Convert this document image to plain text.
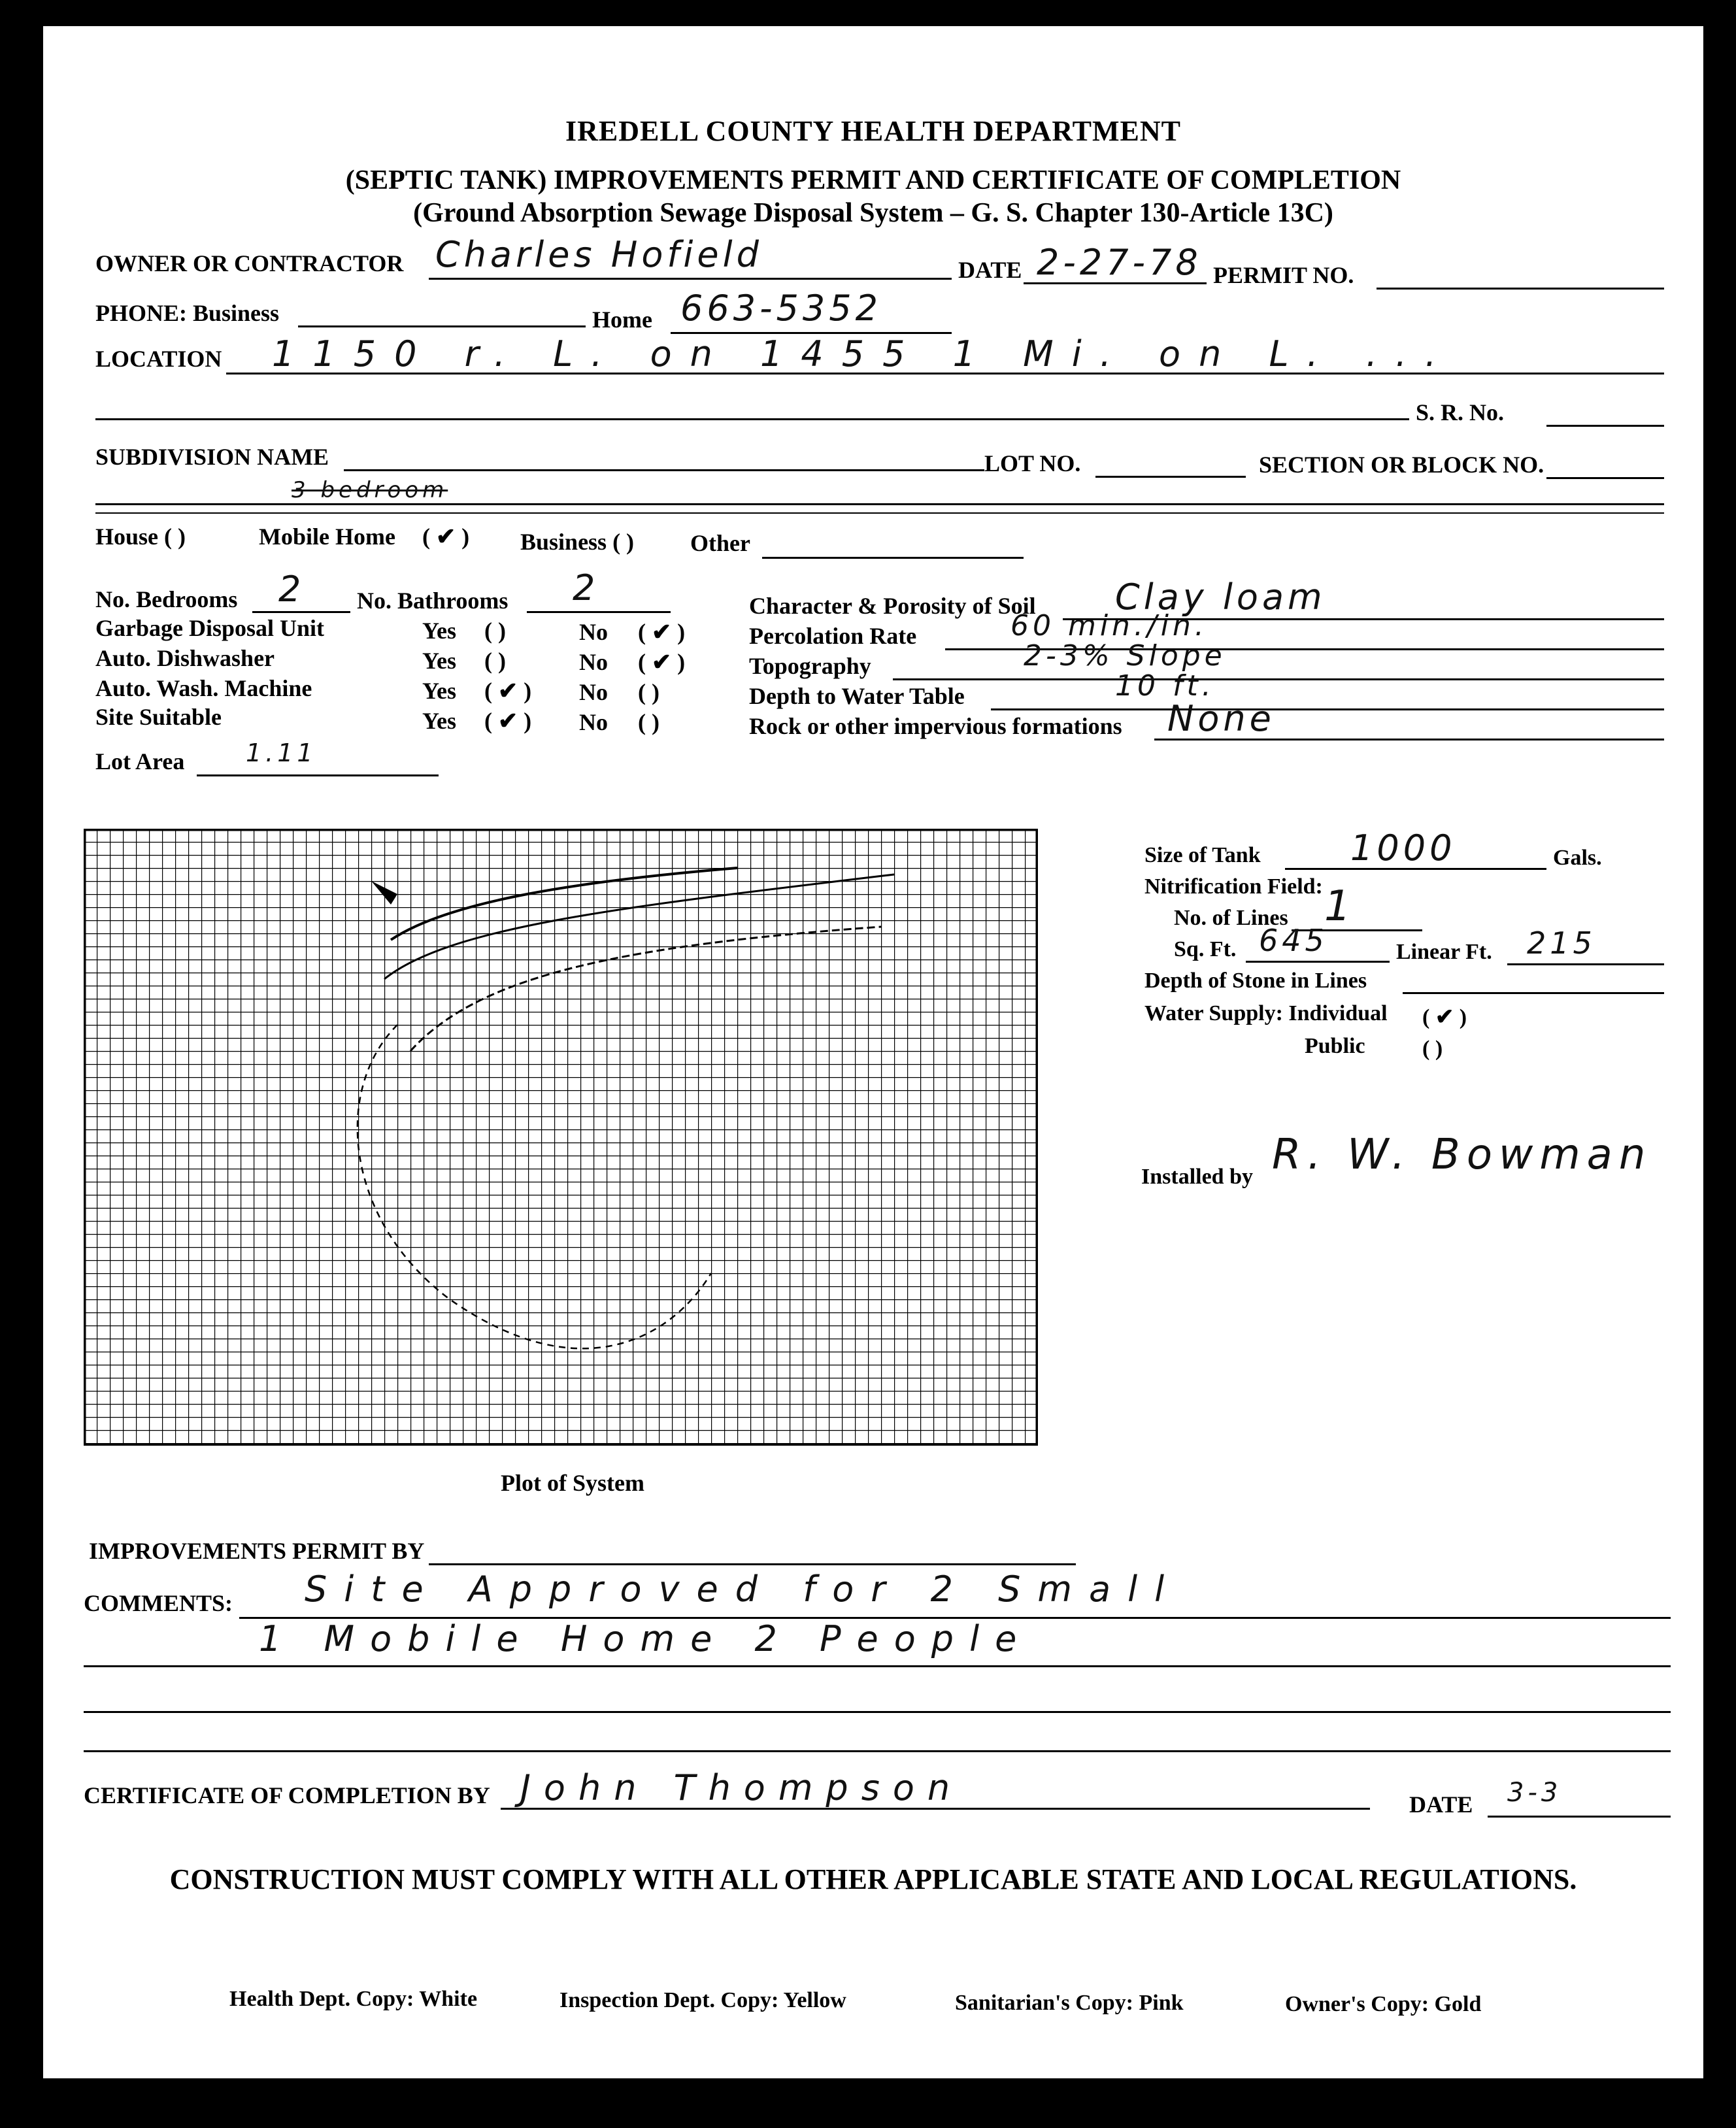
IREDELL COUNTY HEALTH DEPARTMENT
(SEPTIC TANK) IMPROVEMENTS PERMIT AND CERTIFICATE OF COMPLETION
(Ground Absorption Sewage Disposal System – G. S. Chapter 130-Article 13C)
OWNER OR CONTRACTOR Charles Hofield	DATE 2-27-78 PERMIT NO.
PHONE: Business	Home 663-5352
LOCATION 1150 r. L. on 1455 1 Mi. on L. ...
S. R. No.
SUBDIVISION NAME	LOT NO.	SECTION OR BLOCK NO.
3 bedroom
House ( )	Mobile Home ( ✔ ) Business ( ) Other
No. Bedrooms 2 No. Bathrooms 2
Garbage Disposal Unit	Yes ( )	No ( ✔ )
Auto. Dishwasher	Yes ( )	No ( ✔ )
Auto. Wash. Machine	Yes ( ✔ ) No ( )
Site Suitable	Yes ( ✔ ) No ( )
Lot Area 1.11
Character & Porosity of Soil Clay loam
Percolation Rate	60 min./in.
Topography	2-3% Slope
Depth to Water Table	10 ft.
Rock or other impervious formations None
Plot of System
Size of Tank	1000	Gals.
Nitrification Field:
No. of Lines 1
Sq. Ft. 645	Linear Ft. 215
Depth of Stone in Lines
Water Supply: Individual ( ✔ )
Public	( )
Installed by R. W. Bowman
IMPROVEMENTS PERMIT BY
COMMENTS: Site Approved for 2 Small
1 Mobile Home 2 People
CERTIFICATE OF COMPLETION BY John Thompson	DATE 3-3
CONSTRUCTION MUST COMPLY WITH ALL OTHER APPLICABLE STATE AND LOCAL REGULATIONS.
Health Dept. Copy: White	Inspection Dept. Copy: Yellow	Sanitarian's Copy: Pink	Owner's Copy: Gold
